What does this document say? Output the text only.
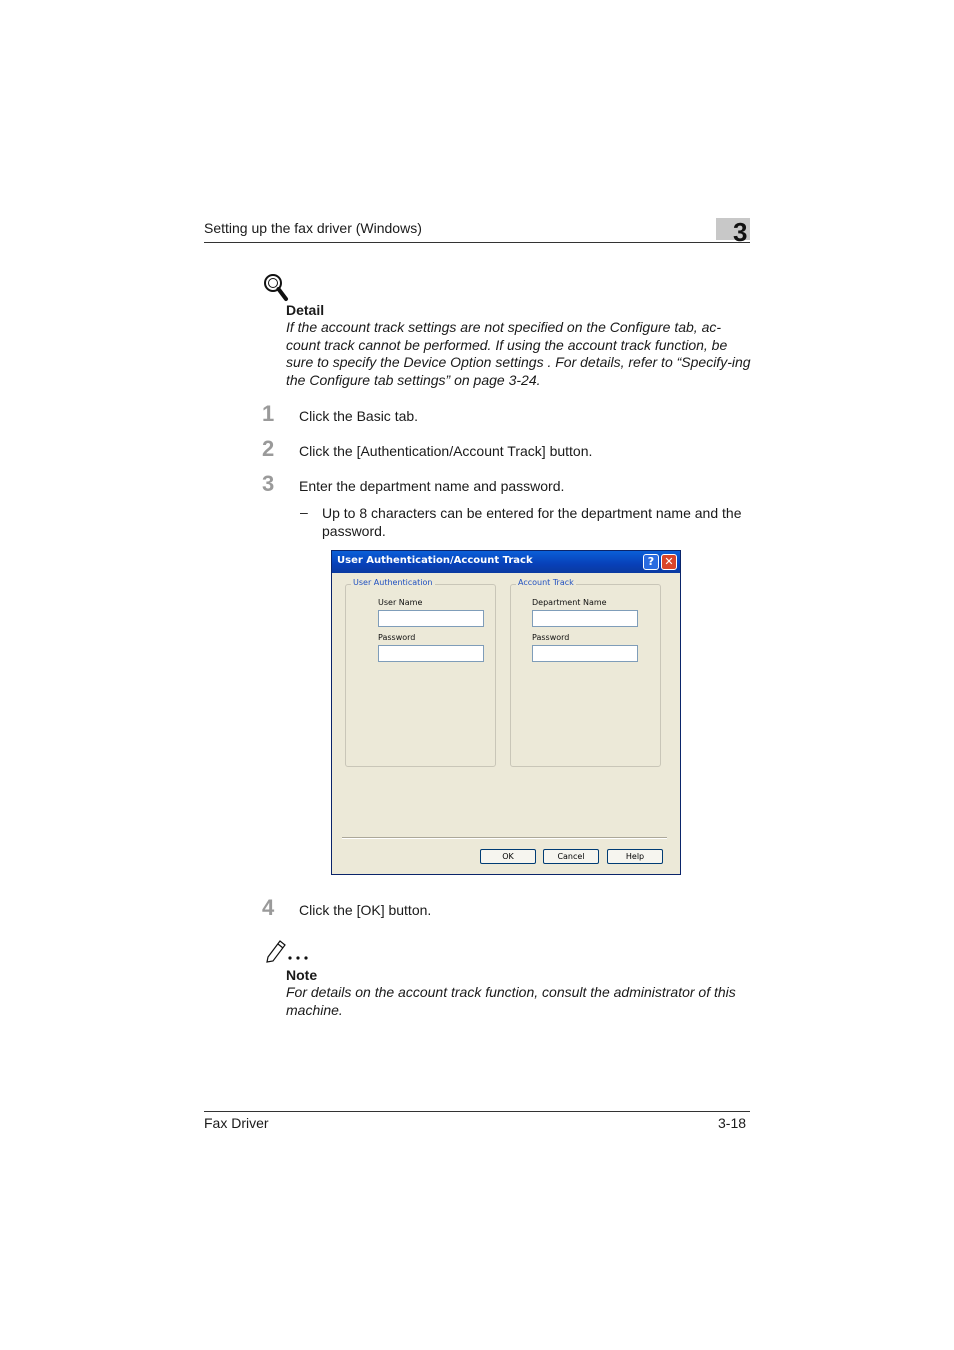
Setting up the fax driver (Windows)	3
Detail
If the account track settings are not specified on the Configure tab, ac-count track cannot be performed. If using the account track function, be sure to specify the Device Option settings . For details, refer to “Specify-ing the Configure tab settings” on page 3-24.
1 Click the Basic tab.
2 Click the [Authentication/Account Track] button.
3 Enter the department name and password.
– Up to 8 characters can be entered for the department name and the password.
User Authentication/Account Track	? ✕
User Authentication
User Name
Password
Account Track
Department Name
Password
OK	Cancel	Help
4 Click the [OK] button.
Note
For details on the account track function, consult the administrator of this machine.
Fax Driver	3-18
